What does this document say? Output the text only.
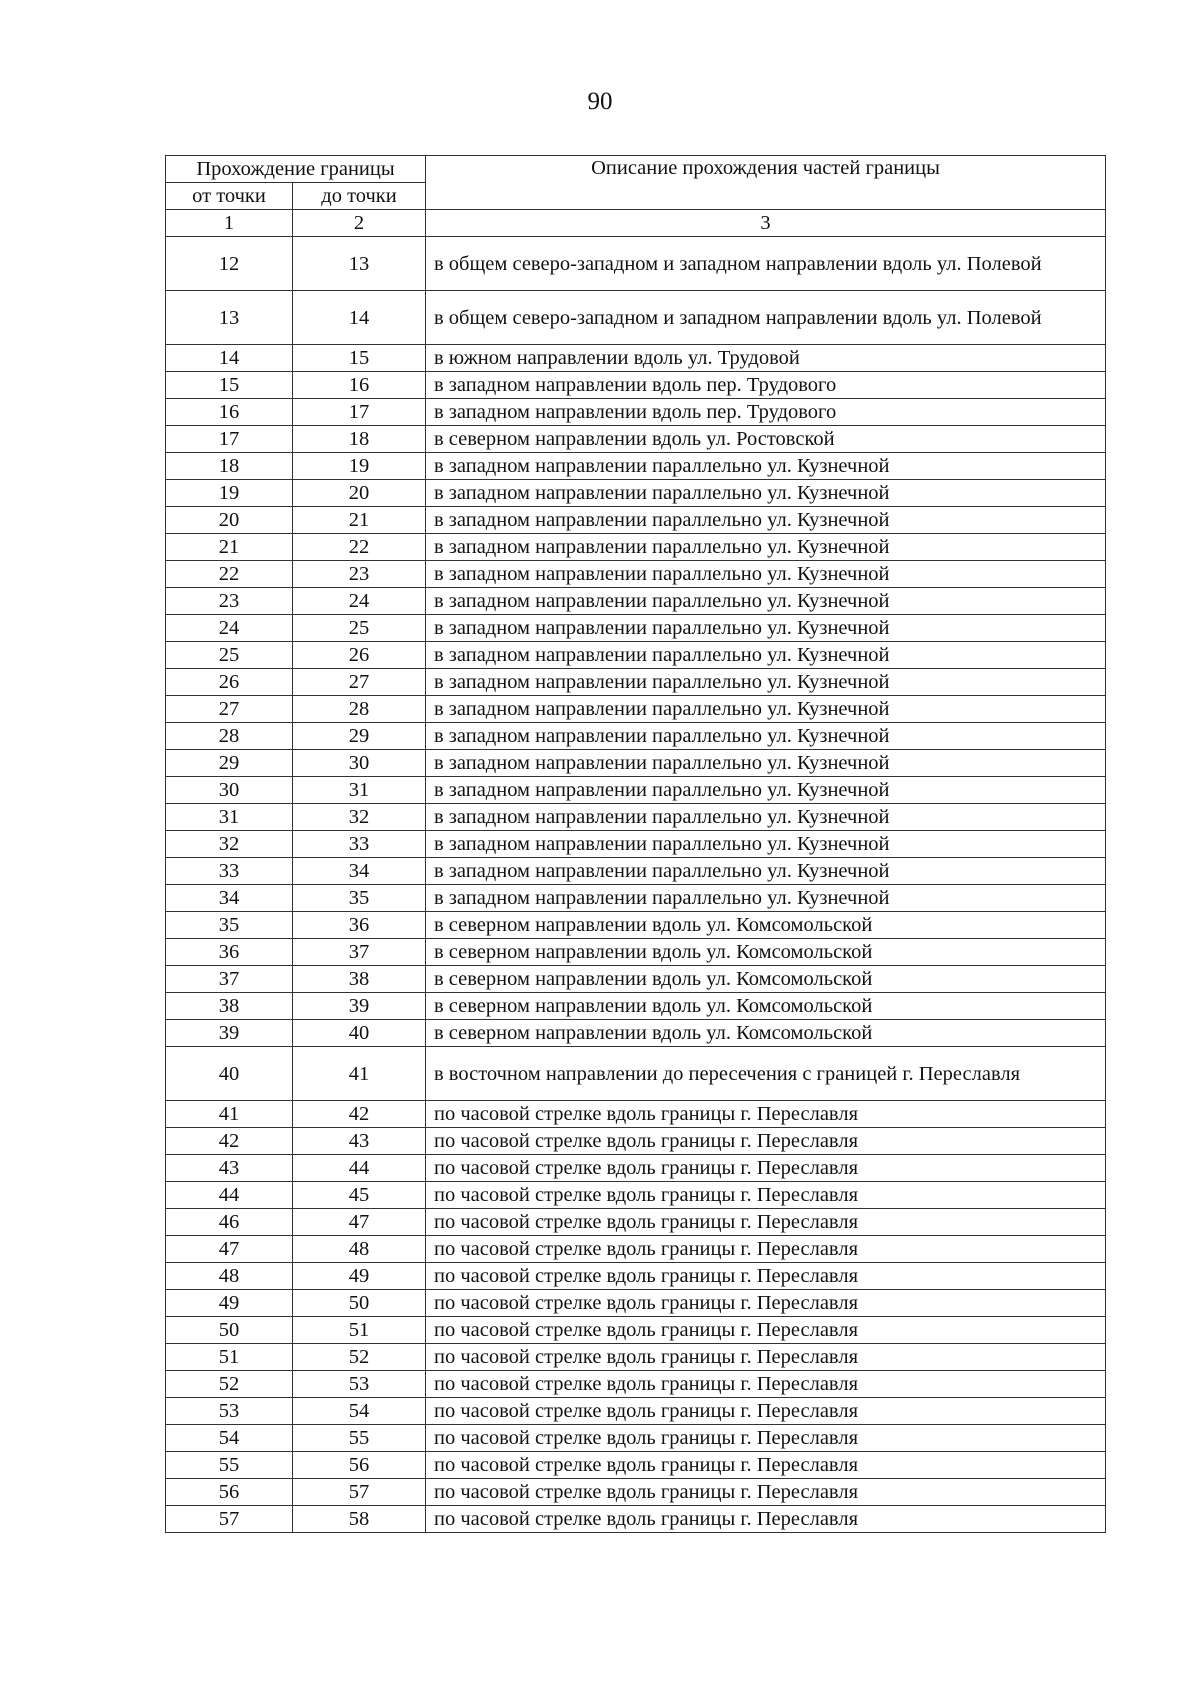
90
Прохождение границы		Описание прохождения частей границы
от точки	до точки	
1	2	3
12	13	в общем северо-западном и западном направлении вдоль ул. Полевой
13	14	в общем северо-западном и западном направлении вдоль ул. Полевой
14	15	в южном направлении вдоль ул. Трудовой
15	16	в западном направлении вдоль пер. Трудового
16	17	в западном направлении вдоль пер. Трудового
17	18	в северном направлении вдоль ул. Ростовской
18	19	в западном направлении параллельно ул. Кузнечной
19	20	в западном направлении параллельно ул. Кузнечной
20	21	в западном направлении параллельно ул. Кузнечной
21	22	в западном направлении параллельно ул. Кузнечной
22	23	в западном направлении параллельно ул. Кузнечной
23	24	в западном направлении параллельно ул. Кузнечной
24	25	в западном направлении параллельно ул. Кузнечной
25	26	в западном направлении параллельно ул. Кузнечной
26	27	в западном направлении параллельно ул. Кузнечной
27	28	в западном направлении параллельно ул. Кузнечной
28	29	в западном направлении параллельно ул. Кузнечной
29	30	в западном направлении параллельно ул. Кузнечной
30	31	в западном направлении параллельно ул. Кузнечной
31	32	в западном направлении параллельно ул. Кузнечной
32	33	в западном направлении параллельно ул. Кузнечной
33	34	в западном направлении параллельно ул. Кузнечной
34	35	в западном направлении параллельно ул. Кузнечной
35	36	в северном направлении вдоль ул. Комсомольской
36	37	в северном направлении вдоль ул. Комсомольской
37	38	в северном направлении вдоль ул. Комсомольской
38	39	в северном направлении вдоль ул. Комсомольской
39	40	в северном направлении вдоль ул. Комсомольской
40	41	в восточном направлении до пересечения с границей г. Переславля
41	42	по часовой стрелке вдоль границы г. Переславля
42	43	по часовой стрелке вдоль границы г. Переславля
43	44	по часовой стрелке вдоль границы г. Переславля
44	45	по часовой стрелке вдоль границы г. Переславля
46	47	по часовой стрелке вдоль границы г. Переславля
47	48	по часовой стрелке вдоль границы г. Переславля
48	49	по часовой стрелке вдоль границы г. Переславля
49	50	по часовой стрелке вдоль границы г. Переславля
50	51	по часовой стрелке вдоль границы г. Переславля
51	52	по часовой стрелке вдоль границы г. Переславля
52	53	по часовой стрелке вдоль границы г. Переславля
53	54	по часовой стрелке вдоль границы г. Переславля
54	55	по часовой стрелке вдоль границы г. Переславля
55	56	по часовой стрелке вдоль границы г. Переславля
56	57	по часовой стрелке вдоль границы г. Переславля
57	58	по часовой стрелке вдоль границы г. Переславля
